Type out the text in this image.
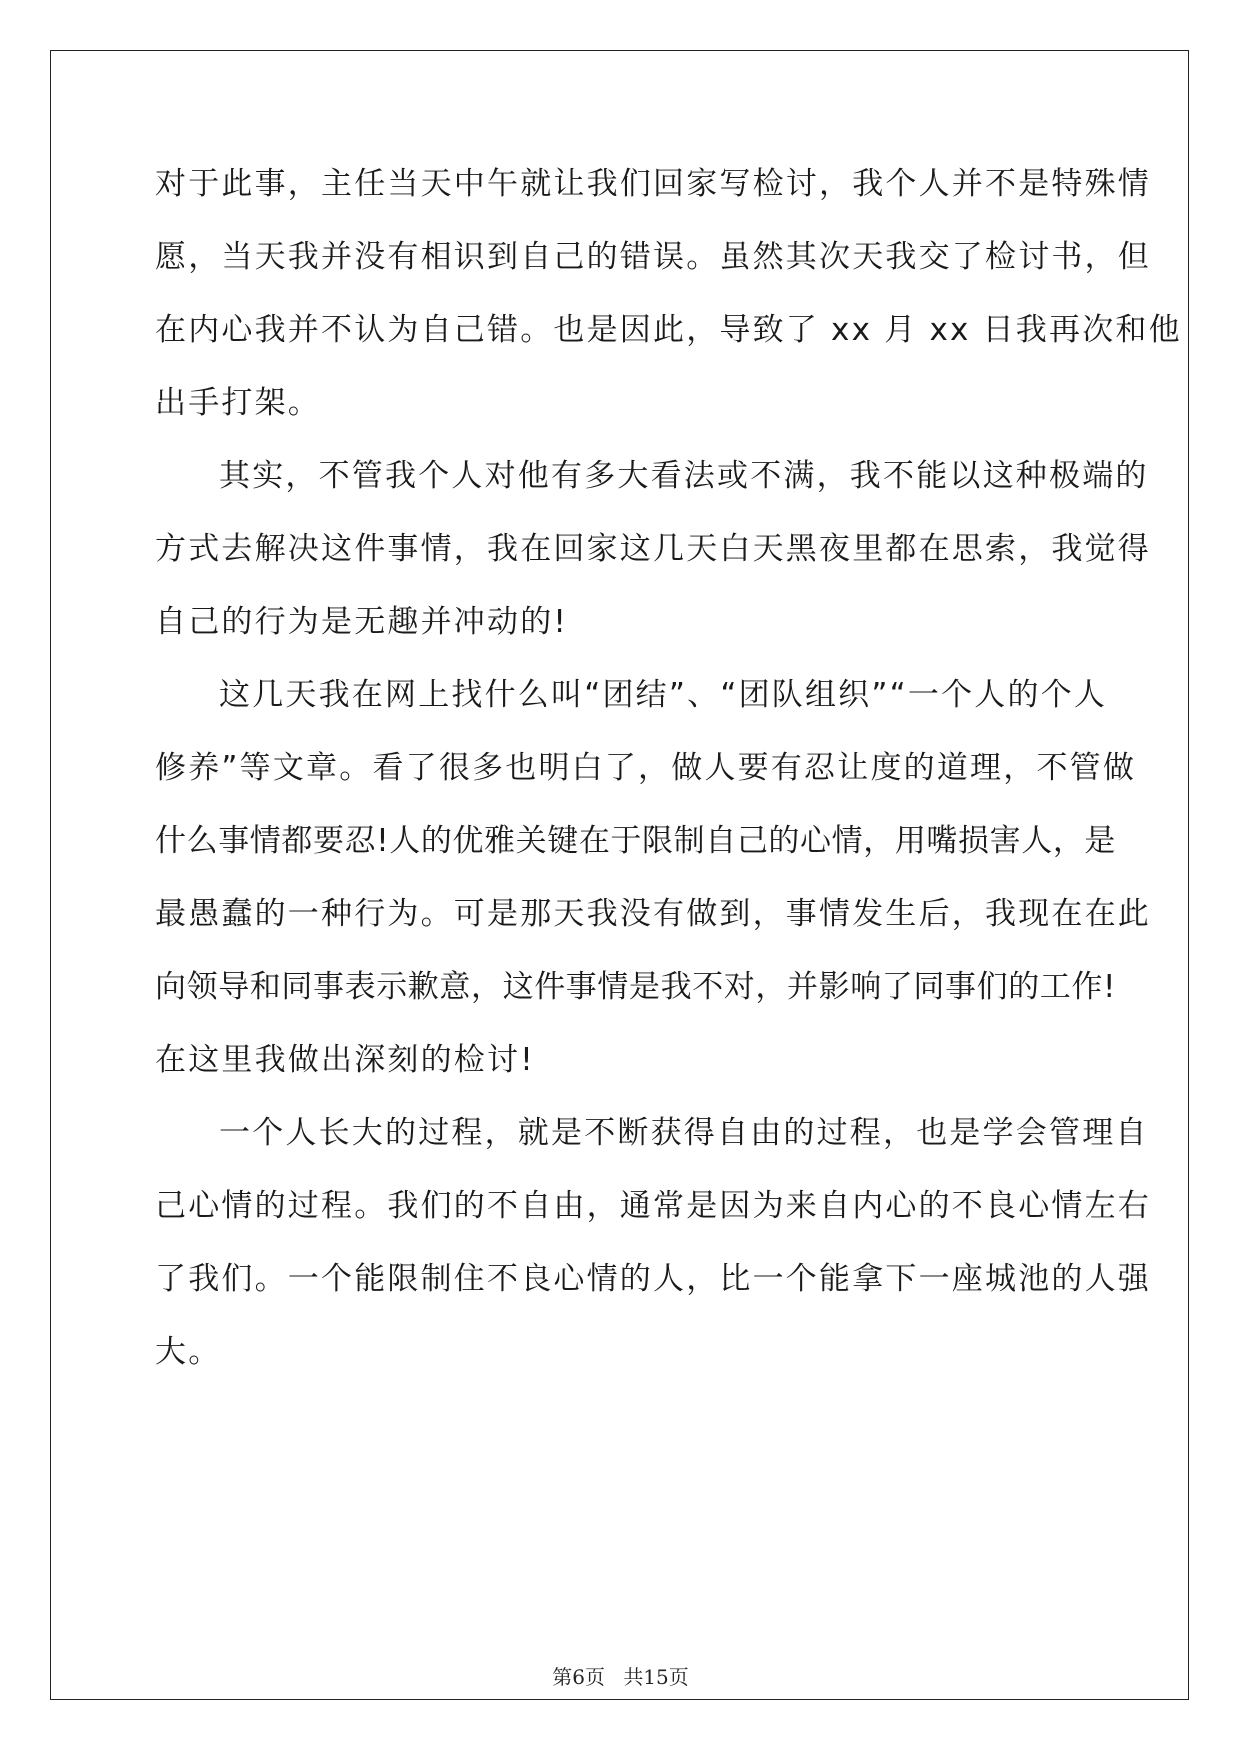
对于此事，主任当天中午就让我们回家写检讨，我个人并不是特殊情
愿，当天我并没有相识到自己的错误。虽然其次天我交了检讨书，但
在内心我并不认为自己错。也是因此，导致了 xx 月 xx 日我再次和他
出手打架。
其实，不管我个人对他有多大看法或不满，我不能以这种极端的
方式去解决这件事情，我在回家这几天白天黑夜里都在思索，我觉得
自己的行为是无趣并冲动的!
这几天我在网上找什么叫“团结”、“团队组织”“一个人的个人
修养”等文章。看了很多也明白了，做人要有忍让度的道理，不管做
什么事情都要忍!人的优雅关键在于限制自己的心情，用嘴损害人，是
最愚蠢的一种行为。可是那天我没有做到，事情发生后，我现在在此
向领导和同事表示歉意，这件事情是我不对，并影响了同事们的工作!
在这里我做出深刻的检讨!
一个人长大的过程，就是不断获得自由的过程，也是学会管理自
己心情的过程。我们的不自由，通常是因为来自内心的不良心情左右
了我们。一个能限制住不良心情的人，比一个能拿下一座城池的人强
大。
第6页 共15页
